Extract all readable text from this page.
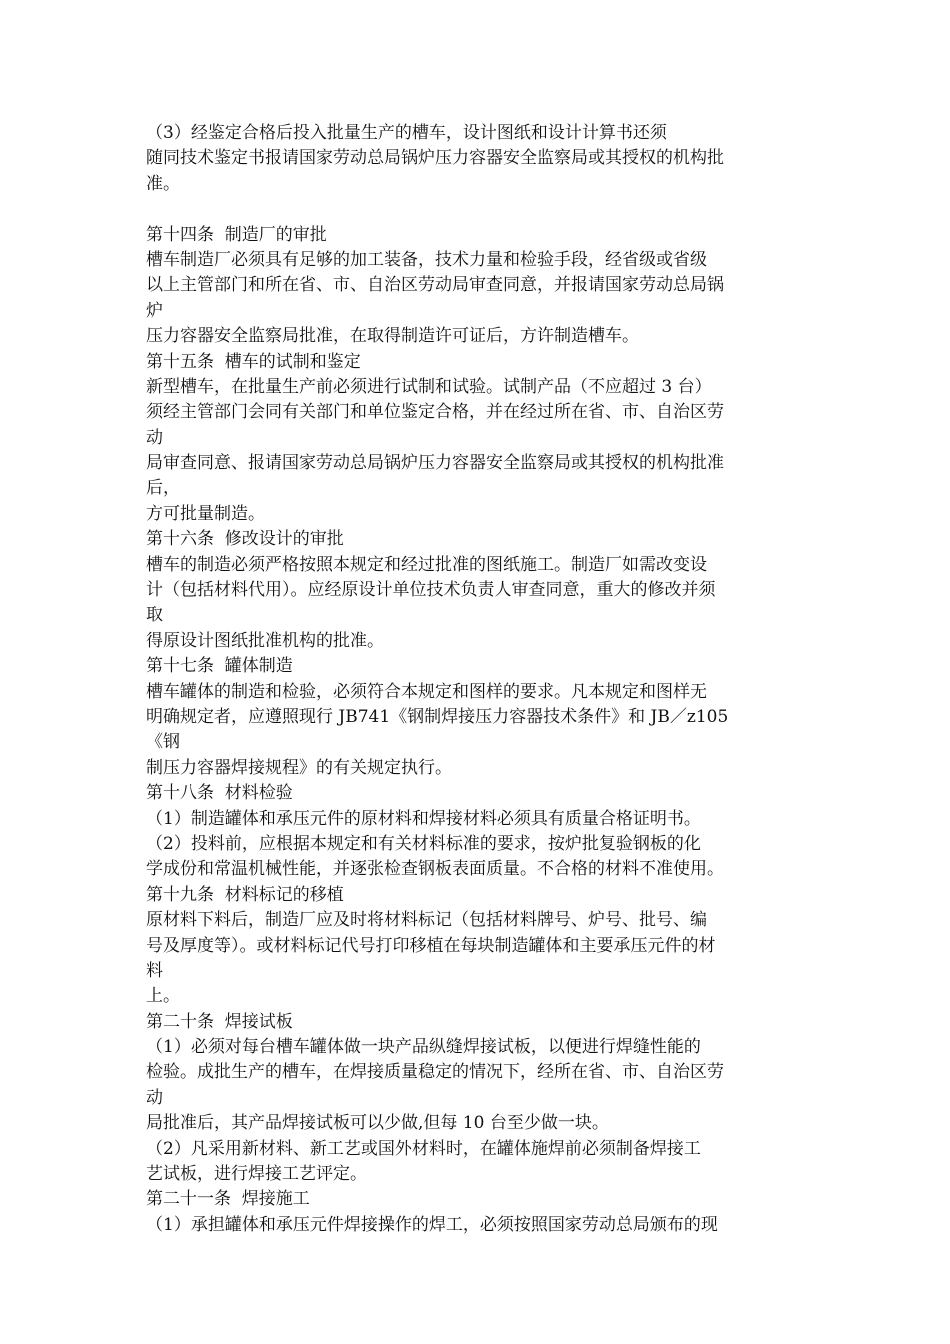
（3）经鉴定合格后投入批量生产的槽车，设计图纸和设计计算书还须
随同技术鉴定书报请国家劳动总局锅炉压力容器安全监察局或其授权的机构批
准。
第十四条  制造厂的审批
槽车制造厂必须具有足够的加工装备，技术力量和检验手段，经省级或省级
以上主管部门和所在省、市、自治区劳动局审查同意，并报请国家劳动总局锅
炉
压力容器安全监察局批准，在取得制造许可证后，方许制造槽车。
第十五条  槽车的试制和鉴定
新型槽车，在批量生产前必须进行试制和试验。试制产品（不应超过 3 台）
须经主管部门会同有关部门和单位鉴定合格，并在经过所在省、市、自治区劳
动
局审查同意、报请国家劳动总局锅炉压力容器安全监察局或其授权的机构批准
后，
方可批量制造。
第十六条  修改设计的审批
槽车的制造必须严格按照本规定和经过批准的图纸施工。制造厂如需改变设
计（包括材料代用）。应经原设计单位技术负责人审查同意，重大的修改并须
取
得原设计图纸批准机构的批准。
第十七条  罐体制造
槽车罐体的制造和检验，必须符合本规定和图样的要求。凡本规定和图样无
明确规定者，应遵照现行 JB741《钢制焊接压力容器技术条件》和 JB／z105
《钢
制压力容器焊接规程》的有关规定执行。
第十八条  材料检验
（1）制造罐体和承压元件的原材料和焊接材料必须具有质量合格证明书。
（2）投料前，应根据本规定和有关材料标准的要求，按炉批复验钢板的化
学成份和常温机械性能，并逐张检查钢板表面质量。不合格的材料不准使用。
第十九条  材料标记的移植
原材料下料后，制造厂应及时将材料标记（包括材料牌号、炉号、批号、编
号及厚度等）。或材料标记代号打印移植在每块制造罐体和主要承压元件的材
料
上。
第二十条  焊接试板
（1）必须对每台槽车罐体做一块产品纵缝焊接试板，以便进行焊缝性能的
检验。成批生产的槽车，在焊接质量稳定的情况下，经所在省、市、自治区劳
动
局批准后，其产品焊接试板可以少做,但每 10 台至少做一块。
（2）凡采用新材料、新工艺或国外材料时，在罐体施焊前必须制备焊接工
艺试板，进行焊接工艺评定。
第二十一条  焊接施工
（1）承担罐体和承压元件焊接操作的焊工，必须按照国家劳动总局颁布的现
